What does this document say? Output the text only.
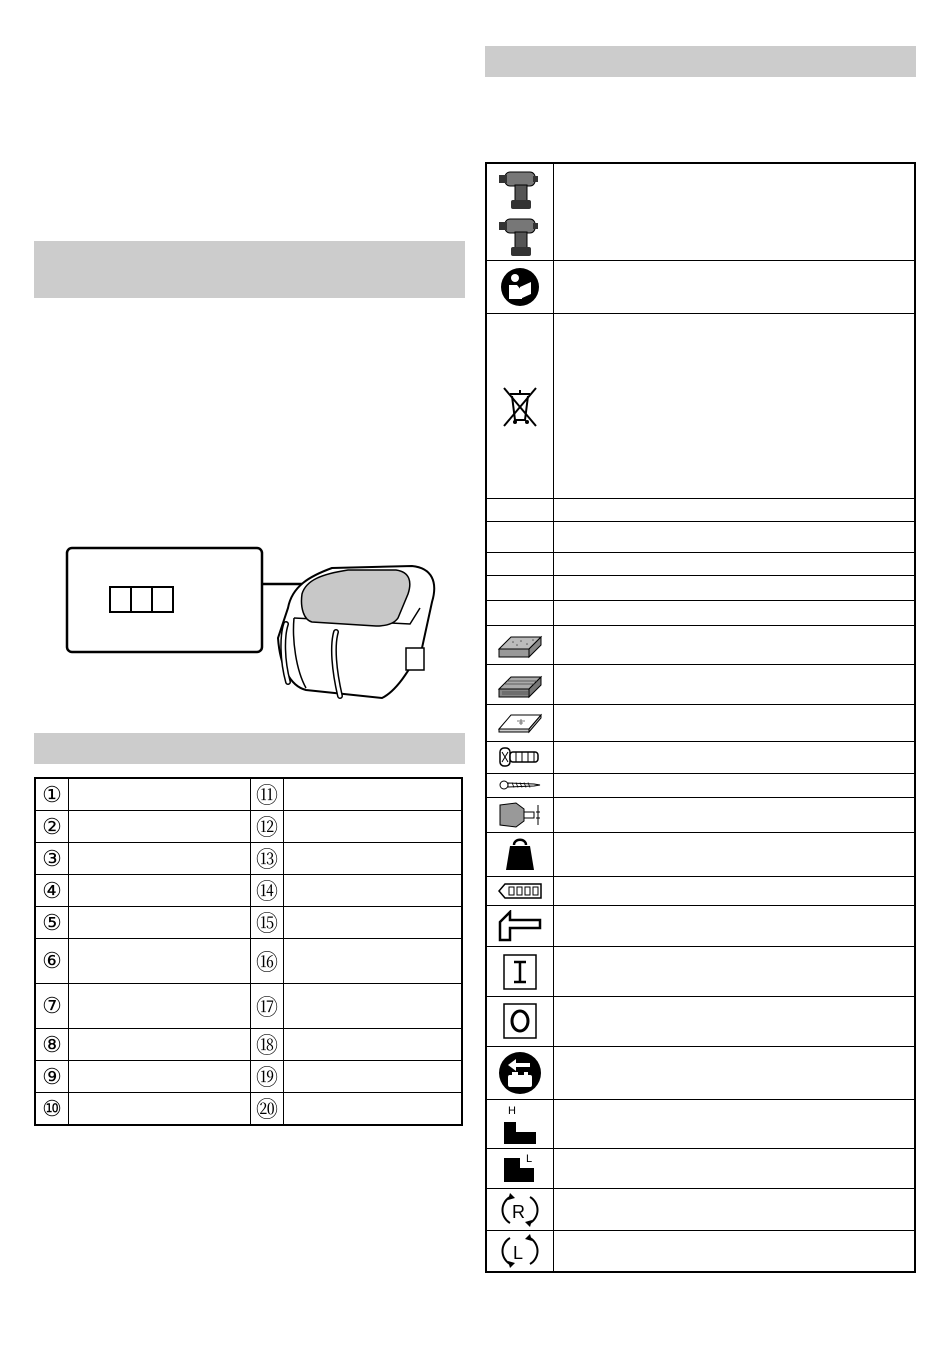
①		⑪	
②		⑫	
③		⑬	
④		⑭	
⑤		⑮	
⑥		⑯	
⑦		⑰	
⑧		⑱	
⑨		⑲	
⑩		⑳	

		H	

L	

R	

L	
